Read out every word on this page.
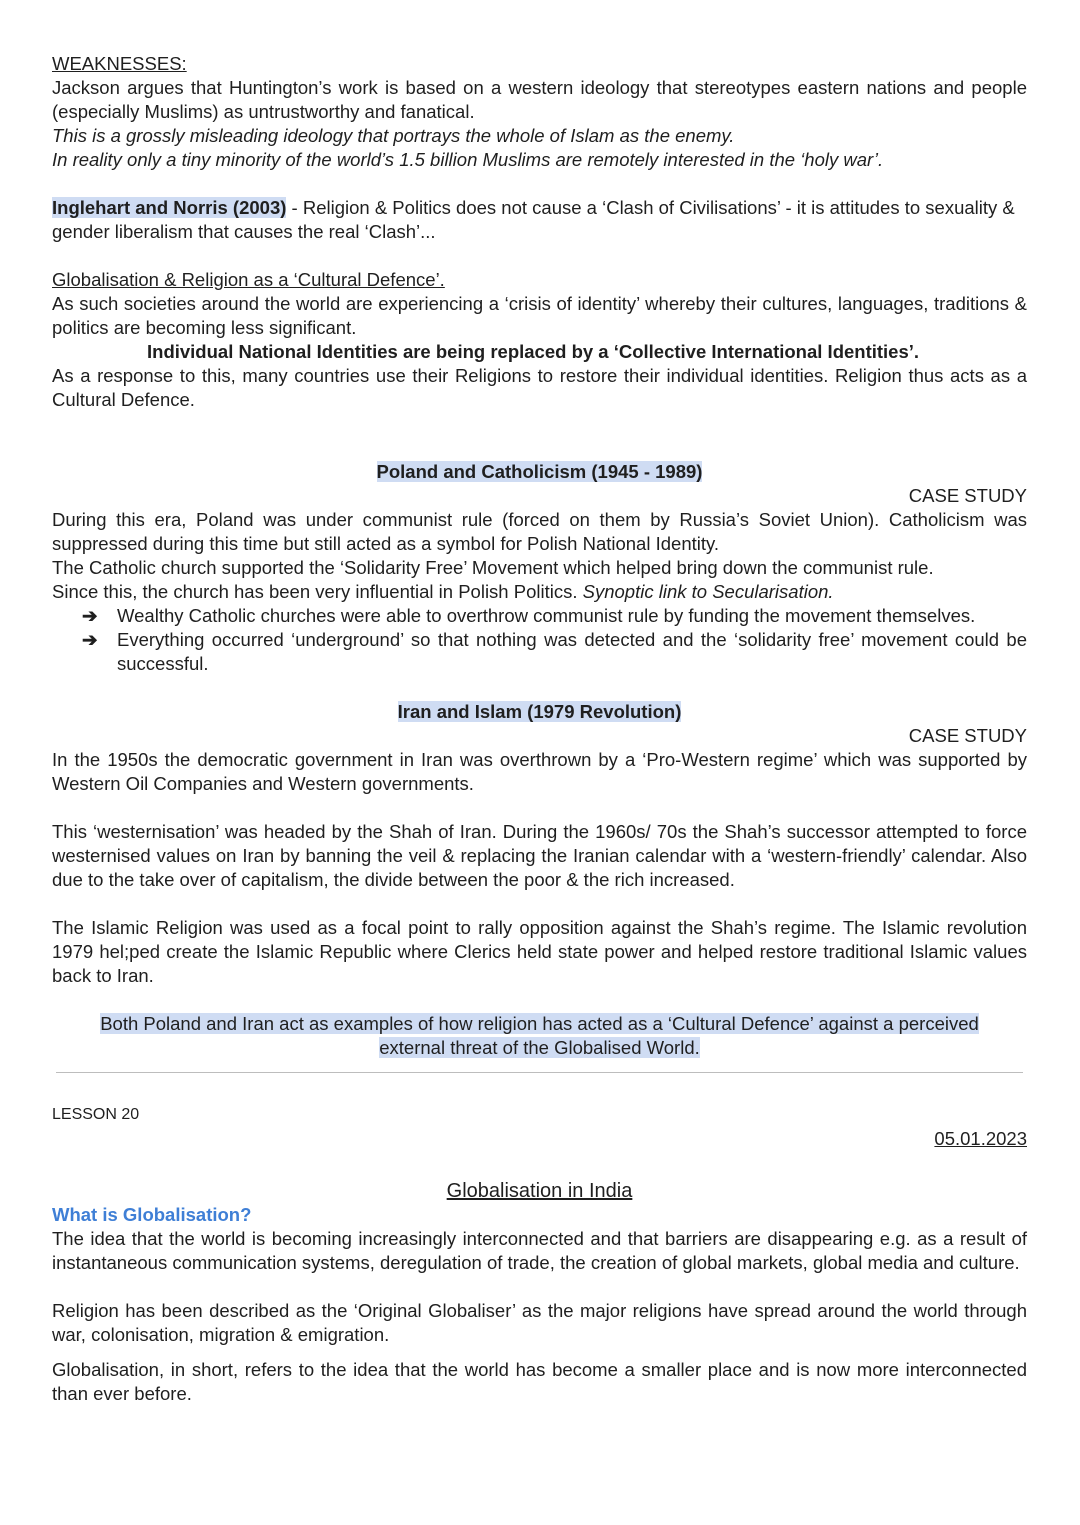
WEAKNESSES:

Jackson argues that Huntington’s work is based on a western ideology that stereotypes eastern nations and people (especially Muslims) as untrustworthy and fanatical.

This is a grossly misleading ideology that portrays the whole of Islam as the enemy.

In reality only a tiny minority of the world’s 1.5 billion Muslims are remotely interested in the ‘holy war’.

Inglehart and Norris (2003) - Religion & Politics does not cause a ‘Clash of Civilisations’ - it is attitudes to sexuality & gender liberalism that causes the real ‘Clash’...

Globalisation & Religion as a ‘Cultural Defence’.

As such societies around the world are experiencing a ‘crisis of identity’ whereby their cultures, languages, traditions & politics are becoming less significant.

Individual National Identities are being replaced by a ‘Collective International Identities’.

As a response to this, many countries use their Religions to restore their individual identities. Religion thus acts as a Cultural Defence.

Poland and Catholicism (1945 - 1989)

CASE STUDY

During this era, Poland was under communist rule (forced on them by Russia’s Soviet Union). Catholicism was suppressed during this time but still acted as a symbol for Polish National Identity.

The Catholic church supported the ‘Solidarity Free’ Movement which helped bring down the communist rule.

Since this, the church has been very influential in Polish Politics. Synoptic link to Secularisation.

➔ Wealthy Catholic churches were able to overthrow communist rule by funding the movement themselves.
➔ Everything occurred ‘underground’ so that nothing was detected and the ‘solidarity free’ movement could be successful.

Iran and Islam (1979 Revolution)

CASE STUDY

In the 1950s the democratic government in Iran was overthrown by a ‘Pro-Western regime’ which was supported by Western Oil Companies and Western governments.

This ‘westernisation’ was headed by the Shah of Iran. During the 1960s/ 70s the Shah’s successor attempted to force westernised values on Iran by banning the veil & replacing the Iranian calendar with a ‘western-friendly’ calendar. Also due to the take over of capitalism, the divide between the poor & the rich increased.

The Islamic Religion was used as a focal point to rally opposition against the Shah’s regime. The Islamic revolution 1979 hel;ped create the Islamic Republic where Clerics held state power and helped restore traditional Islamic values back to Iran.

Both Poland and Iran act as examples of how religion has acted as a ‘Cultural Defence’ against a perceived

external threat of the Globalised World.

LESSON 20

05.01.2023

Globalisation in India

What is Globalisation?

The idea that the world is becoming increasingly interconnected and that barriers are disappearing e.g. as a result of instantaneous communication systems, deregulation of trade, the creation of global markets, global media and culture.

Religion has been described as the ‘Original Globaliser’ as the major religions have spread around the world through war, colonisation, migration & emigration.

Globalisation, in short, refers to the idea that the world has become a smaller place and is now more interconnected than ever before.
